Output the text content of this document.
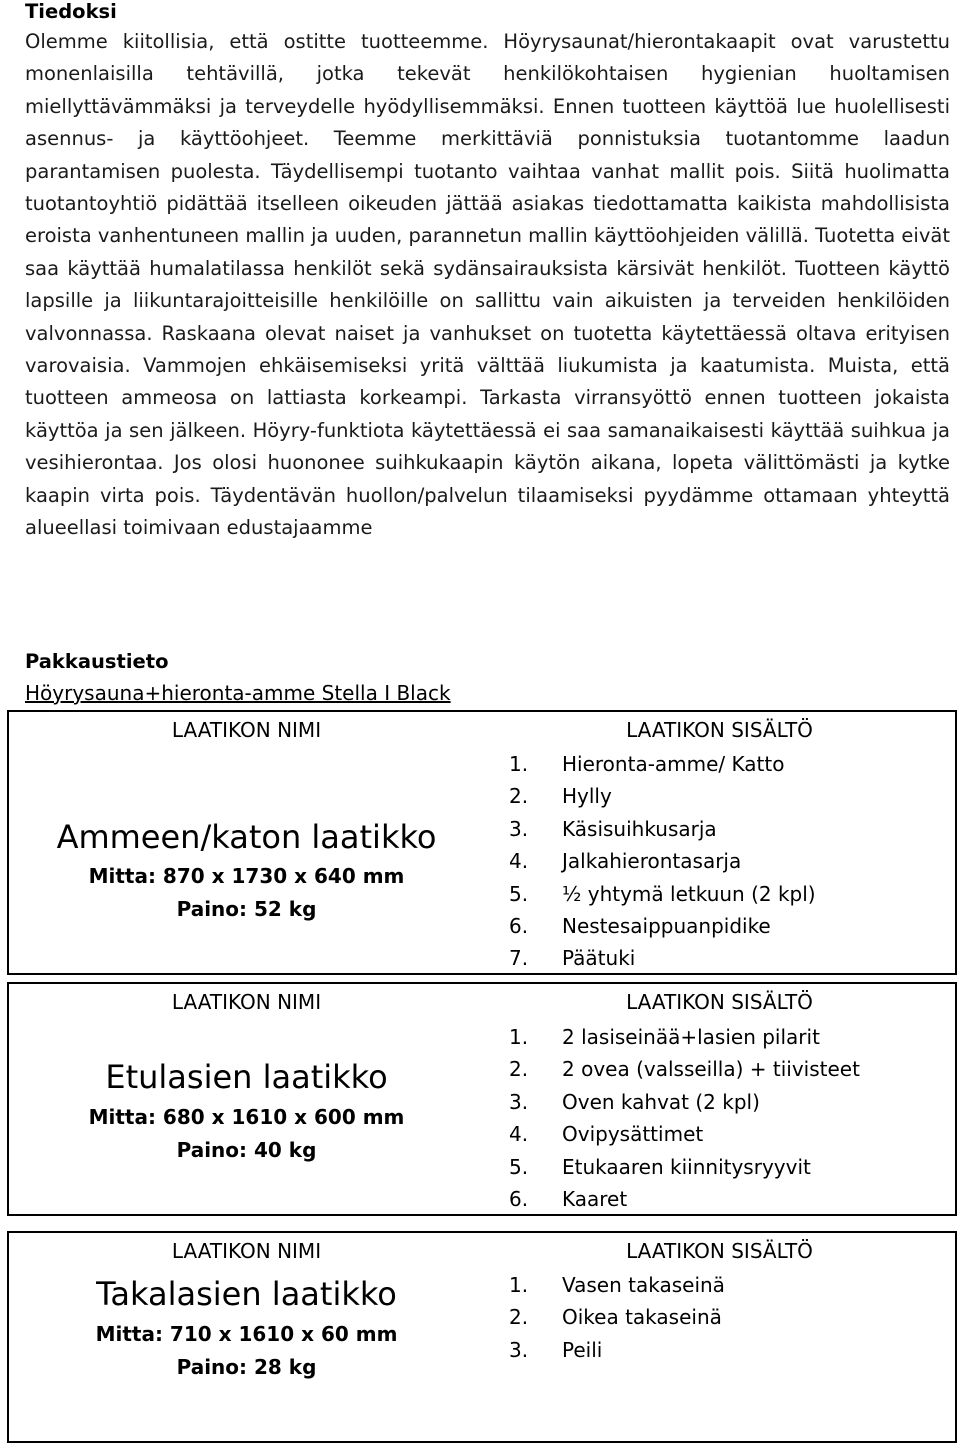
Tiedoksi

Olemme kiitollisia, että ostitte tuotteemme. Höyrysaunat/hierontakaapit ovat varustettu monenlaisilla tehtävillä, jotka tekevät henkilökohtaisen hygienian huoltamisen miellyttävämmäksi ja terveydelle hyödyllisemmäksi. Ennen tuotteen käyttöä lue huolellisesti asennus- ja käyttöohjeet. Teemme merkittäviä ponnistuksia tuotantomme laadun parantamisen puolesta. Täydellisempi tuotanto vaihtaa vanhat mallit pois. Siitä huolimatta tuotantoyhtiö pidättää itselleen oikeuden jättää asiakas tiedottamatta kaikista mahdollisista eroista vanhentuneen mallin ja uuden, parannetun mallin käyttöohjeiden välillä. Tuotetta eivät saa käyttää humalatilassa henkilöt sekä sydänsairauksista kärsivät henkilöt. Tuotteen käyttö lapsille ja liikuntarajoitteisille henkilöille on sallittu vain aikuisten ja terveiden henkilöiden valvonnassa. Raskaana olevat naiset ja vanhukset on tuotetta käytettäessä oltava erityisen varovaisia. Vammojen ehkäisemiseksi yritä välttää liukumista ja kaatumista. Muista, että tuotteen ammeosa on lattiasta korkeampi. Tarkasta virransyöttö ennen tuotteen jokaista käyttöa ja sen jälkeen. Höyry-funktiota käytettäessä ei saa samanaikaisesti käyttää suihkua ja vesihierontaa. Jos olosi huononee suihkukaapin käytön aikana, lopeta välittömästi ja kytke kaapin virta pois. Täydentävän huollon/palvelun tilaamiseksi pyydämme ottamaan yhteyttä alueellasi toimivaan edustajaamme

Pakkaustieto
Höyrysauna+hieronta-amme Stella I Black
LAATIKON NIMI
Ammeen/katon laatikko
Mitta: 870 x 1730 x 640 mm
Paino: 52 kg
LAATIKON SISÄLTÖ
1.	Hieronta-amme/ Katto
2.	Hylly
3.	Käsisuihkusarja
4.	Jalkahierontasarja
5.	½ yhtymä letkuun (2 kpl)
6.	Nestesaippuanpidike
7.	Päätuki
LAATIKON NIMI
Etulasien laatikko
Mitta: 680 x 1610 x 600 mm
Paino: 40 kg
LAATIKON SISÄLTÖ
1.	2 lasiseinää+lasien pilarit
2.	2 ovea (valsseilla) + tiivisteet
3.	Oven kahvat (2 kpl)
4.	Ovipysättimet
5.	Etukaaren kiinnitysryyvit
6.	Kaaret
LAATIKON NIMI
Takalasien laatikko
Mitta: 710 x 1610 x 60 mm
Paino: 28 kg
LAATIKON SISÄLTÖ
1.	Vasen takaseinä
2.	Oikea takaseinä
3.	Peili
